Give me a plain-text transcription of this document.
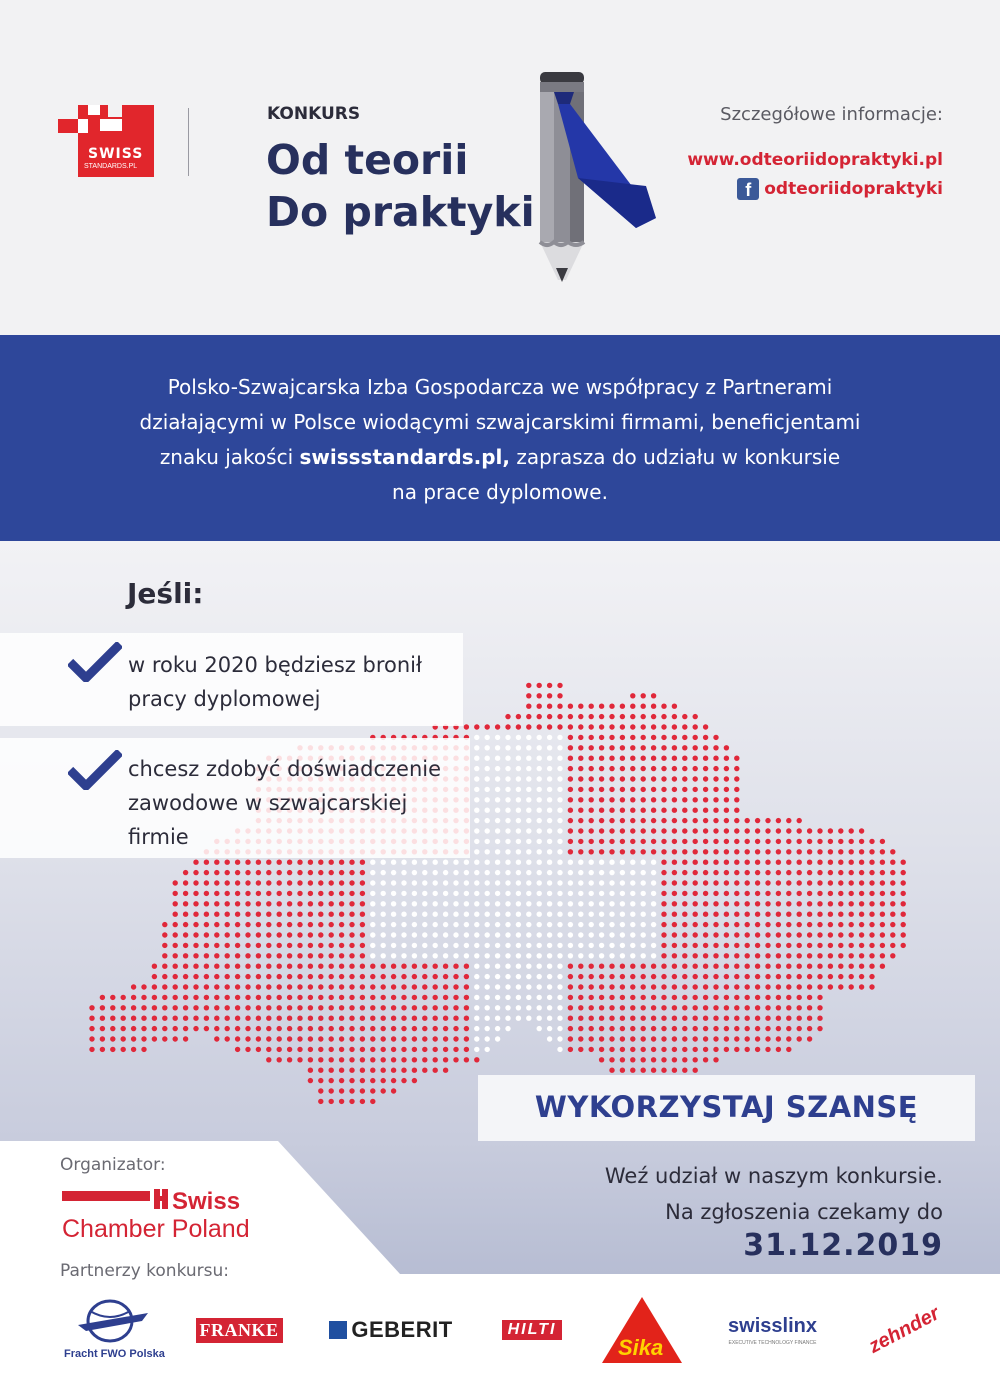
SWISS
STANDARDS.PL
KONKURS
Od teorii
Do praktyki
Szczegółowe informacje:
www.odteoriidopraktyki.pl
f odteoriidopraktyki
Polsko-Szwajcarska Izba Gospodarcza we współpracy z Partnerami
działającymi w Polsce wiodącymi szwajcarskimi firmami, beneficjentami
znaku jakości swissstandards.pl, zaprasza do udziału w konkursie
na prace dyplomowe.
Jeśli:
w roku 2020 będziesz bronił
pracy dyplomowej
chcesz zdobyć doświadczenie
zawodowe w szwajcarskiej
firmie
WYKORZYSTAJ SZANSĘ
Organizator:
Swiss
Chamber Poland
Partnerzy konkursu:
Weź udział w naszym konkursie.
Na zgłoszenia czekamy do
31.12.2019
Fracht FWO Polska
FRANKE	GEBERIT	HILTI
Sika
swisslinx
EXECUTIVE TECHNOLOGY FINANCE zehnder
